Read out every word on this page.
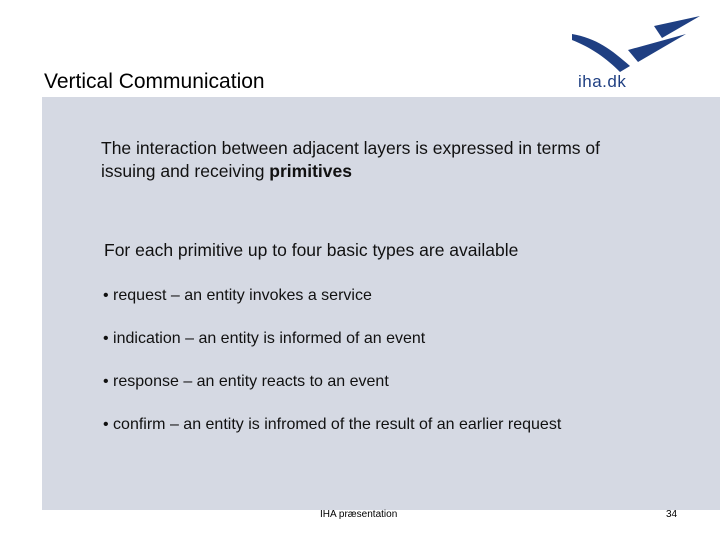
Vertical Communication	iha.dk
The interaction between adjacent layers is expressed in terms of issuing and receiving primitives
For each primitive up to four basic types are available
• request – an entity invokes a service
• indication – an entity is informed of an event
• response – an entity reacts to an event
• confirm – an entity is infromed of the result of an earlier request
IHA præsentation	34
